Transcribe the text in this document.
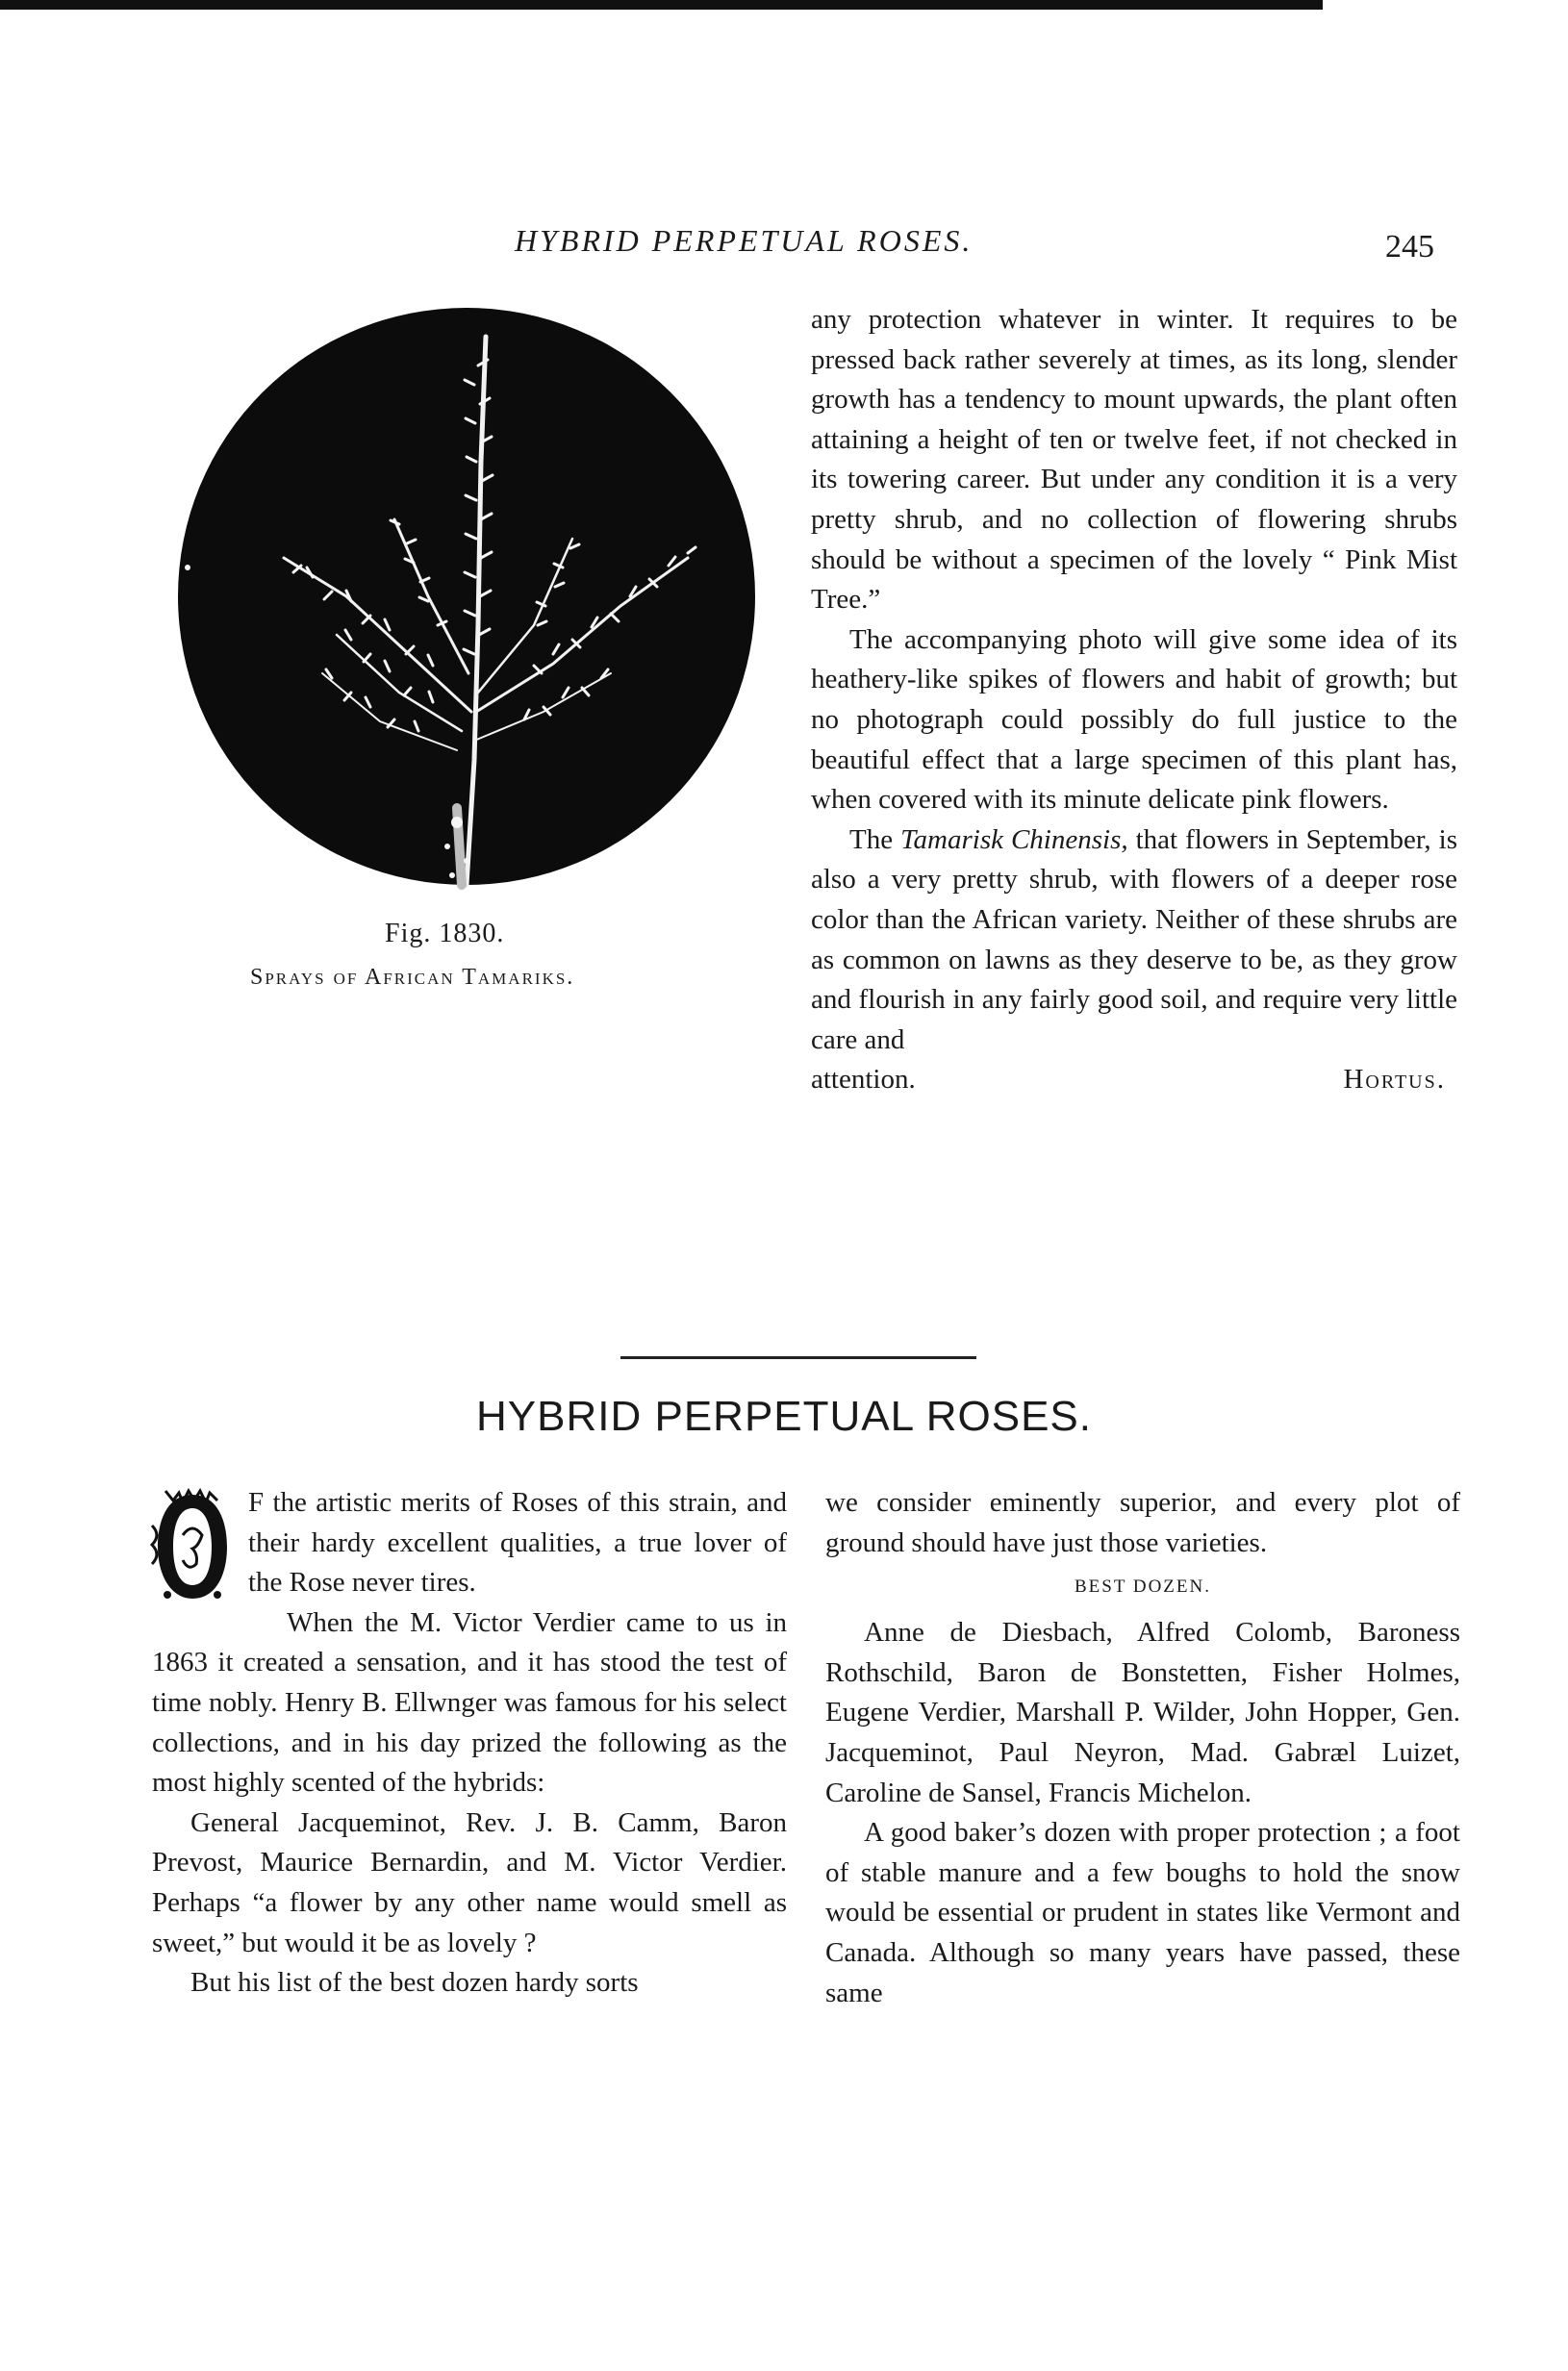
HYBRID PERPETUAL ROSES.	245
Fig. 1830.
Sprays of African Tamariks.

any protection whatever in winter. It requires to be pressed back rather severely at times, as its long, slender growth has a tendency to mount upwards, the plant often attaining a height of ten or twelve feet, if not checked in its towering career. But under any condition it is a very pretty shrub, and no collection of flowering shrubs should be without a specimen of the lovely “ Pink Mist Tree.”

The accompanying photo will give some idea of its heathery-like spikes of flowers and habit of growth; but no photograph could possibly do full justice to the beautiful effect that a large specimen of this plant has, when covered with its minute delicate pink flowers.

The Tamarisk Chinensis, that flowers in September, is also a very pretty shrub, with flowers of a deeper rose color than the African variety. Neither of these shrubs are as common on lawns as they deserve to be, as they grow and flourish in any fairly good soil, and require very little care and

attention.	Hortus.
HYBRID PERPETUAL ROSES.
O

F the artistic merits of Roses of this strain, and their hardy excellent qualities, a true lover of the Rose never tires.

When the M. Victor Verdier came to us in 1863 it created a sensation, and it has stood the test of time nobly. Henry B. Ellwnger was famous for his select collections, and in his day prized the following as the most highly scented of the hybrids:

General Jacqueminot, Rev. J. B. Camm, Baron Prevost, Maurice Bernardin, and M. Victor Verdier. Perhaps “a flower by any other name would smell as sweet,” but would it be as lovely ?

But his list of the best dozen hardy sorts

we consider eminently superior, and every plot of ground should have just those varieties.

BEST DOZEN.

Anne de Diesbach, Alfred Colomb, Baroness Rothschild, Baron de Bonstetten, Fisher Holmes, Eugene Verdier, Marshall P. Wilder, John Hopper, Gen. Jacqueminot, Paul Neyron, Mad. Gabræl Luizet, Caroline de Sansel, Francis Michelon.

A good baker’s dozen with proper protection ; a foot of stable manure and a few boughs to hold the snow would be essential or prudent in states like Vermont and Canada. Although so many years have passed, these same
